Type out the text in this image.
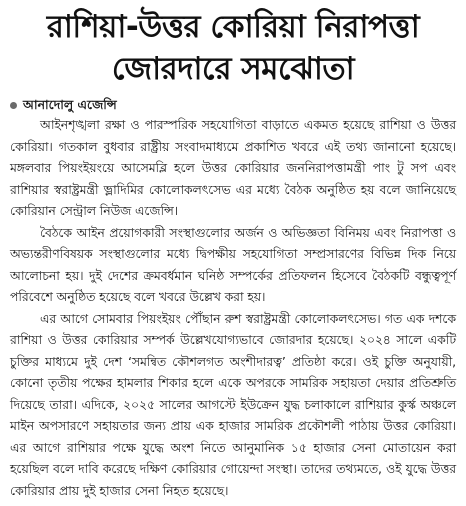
রাশিয়া-উত্তর কোরিয়া নিরাপত্তা
জোরদারে সমঝোতা
আনাদোলু এজেন্সি

আইনশৃঙ্খলা রক্ষা ও পারস্পরিক সহযোগিতা বাড়াতে একমত হয়েছে রাশিয়া ও উত্তর কোরিয়া। গতকাল বুধবার রাষ্ট্রীয় সংবাদমাধ্যমে প্রকাশিত খবরে এই তথ্য জানানো হয়েছে। মঙ্গলবার পিয়ংইয়ংয়ে আসেমব্লি হলে উত্তর কোরিয়ার জননিরাপত্তামন্ত্রী পাং টু সপ এবং রাশিয়ার স্বরাষ্ট্রমন্ত্রী ভ্লাদিমির কোলোকলৎসেভ এর মধ্যে বৈঠক অনুষ্ঠিত হয় বলে জানিয়েছে কোরিয়ান সেন্ট্রাল নিউজ এজেন্সি।

বৈঠকে আইন প্রয়োগকারী সংস্থাগুলোর অর্জন ও অভিজ্ঞতা বিনিময় এবং নিরাপত্তা ও অভ্যন্তরীণবিষয়ক সংস্থাগুলোর মধ্যে দ্বিপক্ষীয় সহযোগিতা সম্প্রসারণের বিভিন্ন দিক নিয়ে আলোচনা হয়। দুই দেশের ক্রমবর্ধমান ঘনিষ্ঠ সম্পর্কের প্রতিফলন হিসেবে বৈঠকটি বন্ধুত্বপূর্ণ পরিবেশে অনুষ্ঠিত হয়েছে বলে খবরে উল্লেখ করা হয়।

এর আগে সোমবার পিয়ংইয়ং পৌঁছান রুশ স্বরাষ্ট্রমন্ত্রী কোলোকলৎসেভ। গত এক দশকে রাশিয়া ও উত্তর কোরিয়ার সম্পর্ক উল্লেখযোগ্যভাবে জোরদার হয়েছে। ২০২৪ সালে একটি চুক্তির মাধ্যমে দুই দেশ ‘সমন্বিত কৌশলগত অংশীদারত্ব’ প্রতিষ্ঠা করে। ওই চুক্তি অনুযায়ী, কোনো তৃতীয় পক্ষের হামলার শিকার হলে একে অপরকে সামরিক সহায়তা দেয়ার প্রতিশ্রুতি দিয়েছে তারা। এদিকে, ২০২৫ সালের আগস্টে ইউক্রেন যুদ্ধ চলাকালে রাশিয়ার কুর্স্ক অঞ্চলে মাইন অপসারণে সহায়তার জন্য প্রায় এক হাজার সামরিক প্রকৌশলী পাঠায় উত্তর কোরিয়া। এর আগে রাশিয়ার পক্ষে যুদ্ধে অংশ নিতে আনুমানিক ১৫ হাজার সেনা মোতায়েন করা হয়েছিল বলে দাবি করেছে দক্ষিণ কোরিয়ার গোয়েন্দা সংস্থা। তাদের তথ্যমতে, ওই যুদ্ধে উত্তর কোরিয়ার প্রায় দুই হাজার সেনা নিহত হয়েছে।
